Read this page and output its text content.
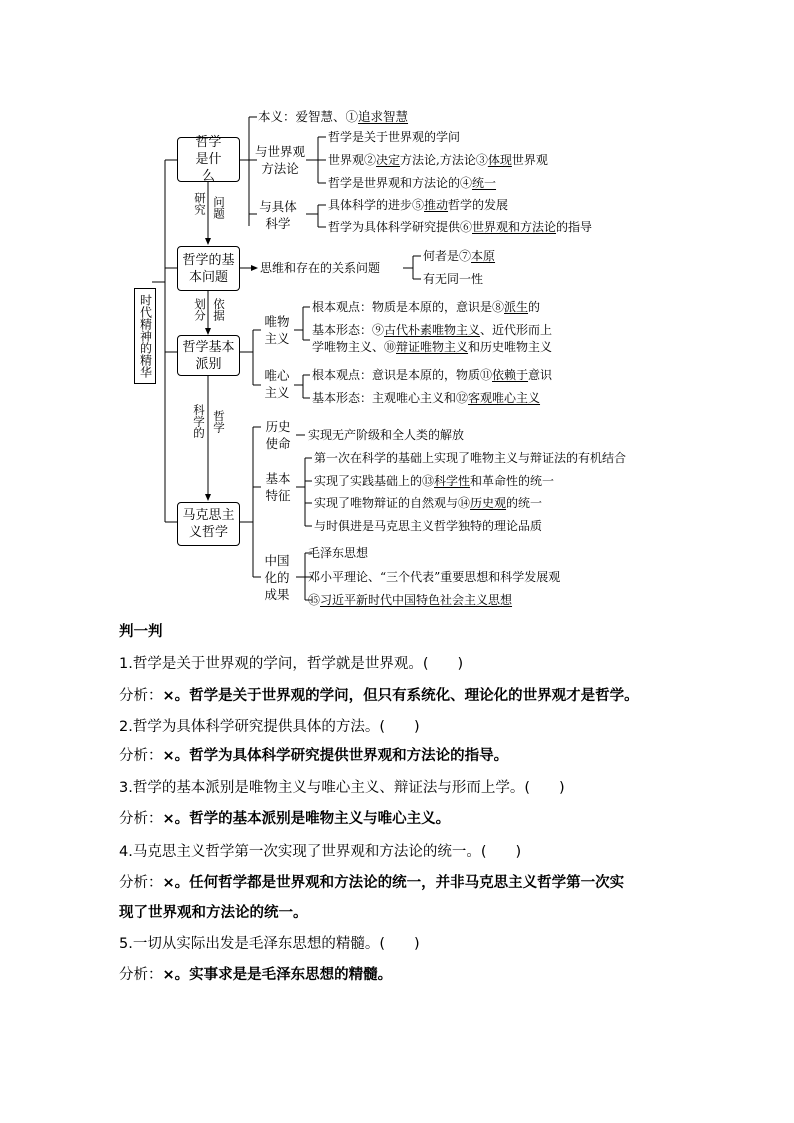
时代精神的精华
哲学是什么
哲学的基本问题
哲学基本派别
马克思主义哲学
研究 问题
划分 依据
科学的 哲学
本义：爱智慧、①追求智慧
与世界观方法论
哲学是关于世界观的学问
世界观②决定方法论,方法论③体现世界观
哲学是世界观和方法论的④统一
与具体科学
具体科学的进步⑤推动哲学的发展
哲学为具体科学研究提供⑥世界观和方法论的指导
思维和存在的关系问题
何者是⑦本原
有无同一性
唯物主义
根本观点：物质是本原的，意识是⑧派生的
基本形态：⑨古代朴素唯物主义、近代形而上
学唯物主义、⑩辩证唯物主义和历史唯物主义
唯心主义
根本观点：意识是本原的，物质⑪依赖于意识
基本形态：主观唯心主义和⑫客观唯心主义
历史使命
实现无产阶级和全人类的解放
基本特征
第一次在科学的基础上实现了唯物主义与辩证法的有机结合
实现了实践基础上的⑬科学性和革命性的统一
实现了唯物辩证的自然观与⑭历史观的统一
与时俱进是马克思主义哲学独特的理论品质
中国化的成果
毛泽东思想
邓小平理论、“三个代表”重要思想和科学发展观
⑮习近平新时代中国特色社会主义思想
判一判
1.哲学是关于世界观的学问，哲学就是世界观。(　　)
分析：×。哲学是关于世界观的学问，但只有系统化、理论化的世界观才是哲学。
2.哲学为具体科学研究提供具体的方法。(　　)
分析：×。哲学为具体科学研究提供世界观和方法论的指导。
3.哲学的基本派别是唯物主义与唯心主义、辩证法与形而上学。(　　)
分析：×。哲学的基本派别是唯物主义与唯心主义。
4.马克思主义哲学第一次实现了世界观和方法论的统一。(　　)
分析：×。任何哲学都是世界观和方法论的统一，并非马克思主义哲学第一次实
现了世界观和方法论的统一。
5.一切从实际出发是毛泽东思想的精髓。(　　)
分析：×。实事求是是毛泽东思想的精髓。
